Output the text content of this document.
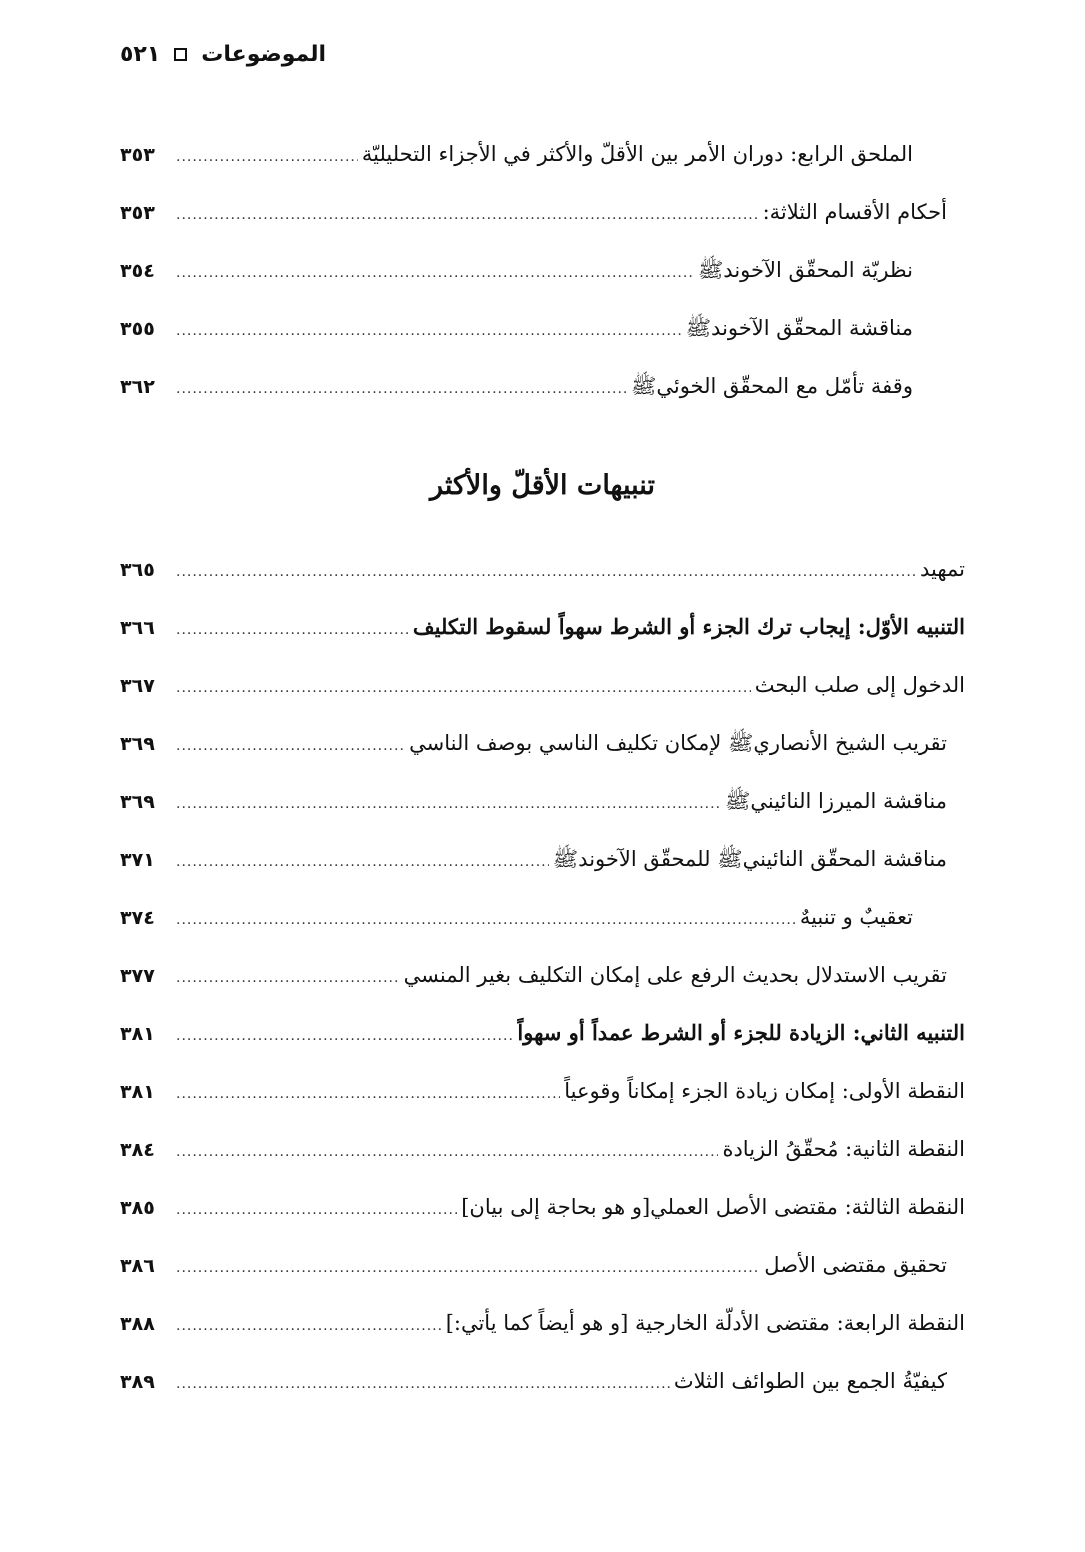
٥٢١ الموضوعات
الملحق الرابع: دوران الأمر بين الأقلّ والأكثر في الأجزاء التحليليّة
.....
٣٥٣
أحكام الأقسام الثلاثة:
.....
٣٥٣
نظريّة المحقّق الآخوندﷺ
.....
٣٥٤
مناقشة المحقّق الآخوندﷺ
.....
٣٥٥
وقفة تأمّل مع المحقّق الخوئيﷺ
.....
٣٦٢
تنبيهات الأقلّ والأكثر
تمهيد
.....
٣٦٥
التنبيه الأوّل: إيجاب ترك الجزء أو الشرط سهواً لسقوط التكليف
.....
٣٦٦
الدخول إلى صلب البحث
.....
٣٦٧
تقريب الشيخ الأنصاريﷺ لإمكان تكليف الناسي بوصف الناسي
.....
٣٦٩
مناقشة الميرزا النائينيﷺ
.....
٣٦٩
مناقشة المحقّق النائينيﷺ للمحقّق الآخوندﷺ
.....
٣٧١
تعقيبٌ و تنبيهٌ
.....
٣٧٤
تقريب الاستدلال بحديث الرفع على إمكان التكليف بغير المنسي
.....
٣٧٧
التنبيه الثاني: الزيادة للجزء أو الشرط عمداً أو سهواً
.....
٣٨١
النقطة الأولى: إمكان زيادة الجزء إمكاناً وقوعياً
.....
٣٨١
النقطة الثانية: مُحقّقُ الزيادة
.....
٣٨٤
النقطة الثالثة: مقتضى الأصل العملي[و هو بحاجة إلى بيان]
.....
٣٨٥
تحقيق مقتضى الأصل
.....
٣٨٦
النقطة الرابعة: مقتضى الأدلّة الخارجية [و هو أيضاً كما يأتي:]
.....
٣٨٨
كيفيّةُ الجمع بين الطوائف الثلاث
.....
٣٨٩
